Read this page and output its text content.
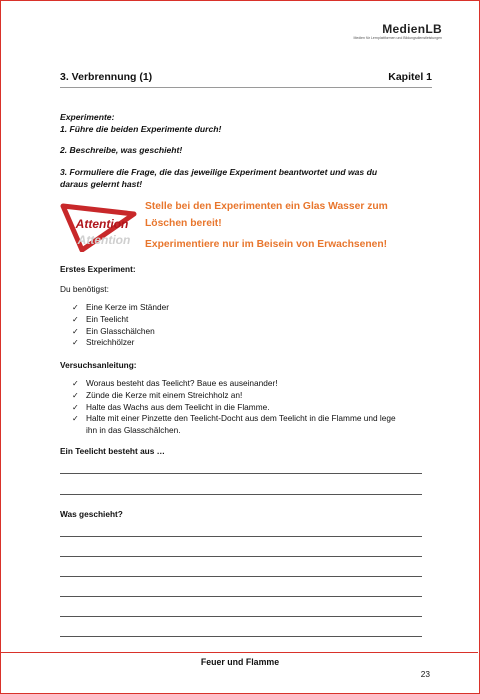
MedienLB
Medien für Lernplattformen und Bildungsdienstleistungen
3. Verbrennung (1)	Kapitel 1
Experimente:
1. Führe die beiden Experimente durch!
2. Beschreibe, was geschieht!
3. Formuliere die Frage, die das jeweilige Experiment beantwortet und was du
daraus gelernt hast!
Attention
Attention
Stelle bei den Experimenten ein Glas Wasser zum
Löschen bereit!
Experimentiere nur im Beisein von Erwachsenen!
Erstes Experiment:
Du benötigst:
✓ Eine Kerze im Ständer
✓ Ein Teelicht
✓ Ein Glasschälchen
✓ Streichhölzer
Versuchsanleitung:
✓ Woraus besteht das Teelicht? Baue es auseinander!
✓ Zünde die Kerze mit einem Streichholz an!
✓ Halte das Wachs aus dem Teelicht in die Flamme.
✓ Halte mit einer Pinzette den Teelicht-Docht aus dem Teelicht in die Flamme und lege
ihn in das Glasschälchen.
Ein Teelicht besteht aus …
Was geschieht?
Feuer und Flamme
23
